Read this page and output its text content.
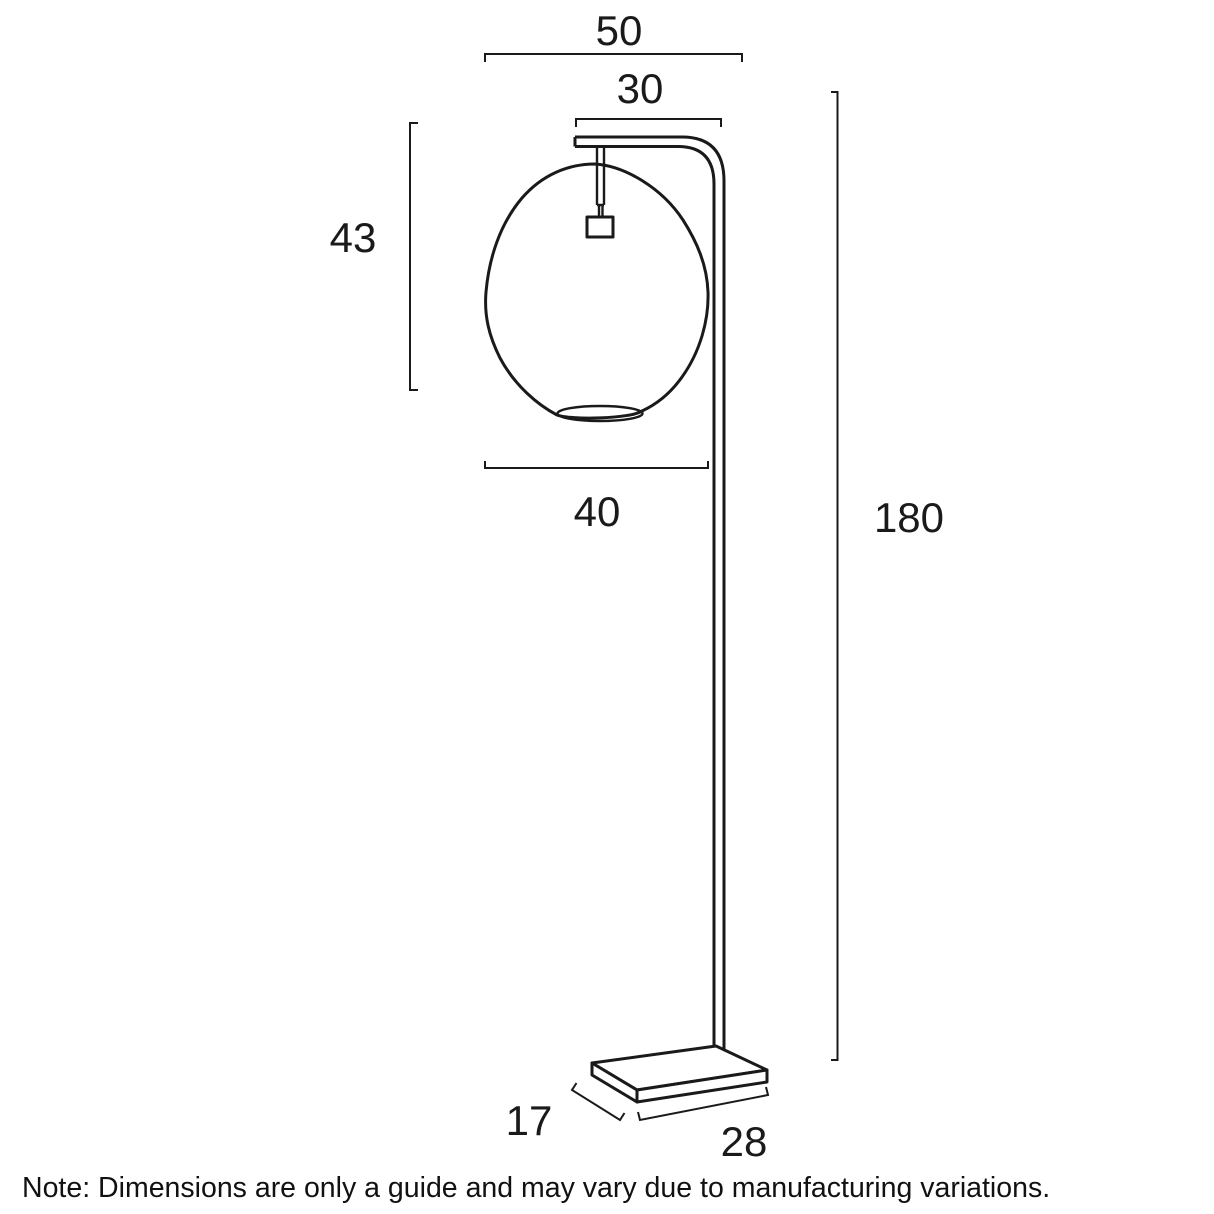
50
30
43
40	180
17	28
Note: Dimensions are only a guide and may vary due to manufacturing variations.
